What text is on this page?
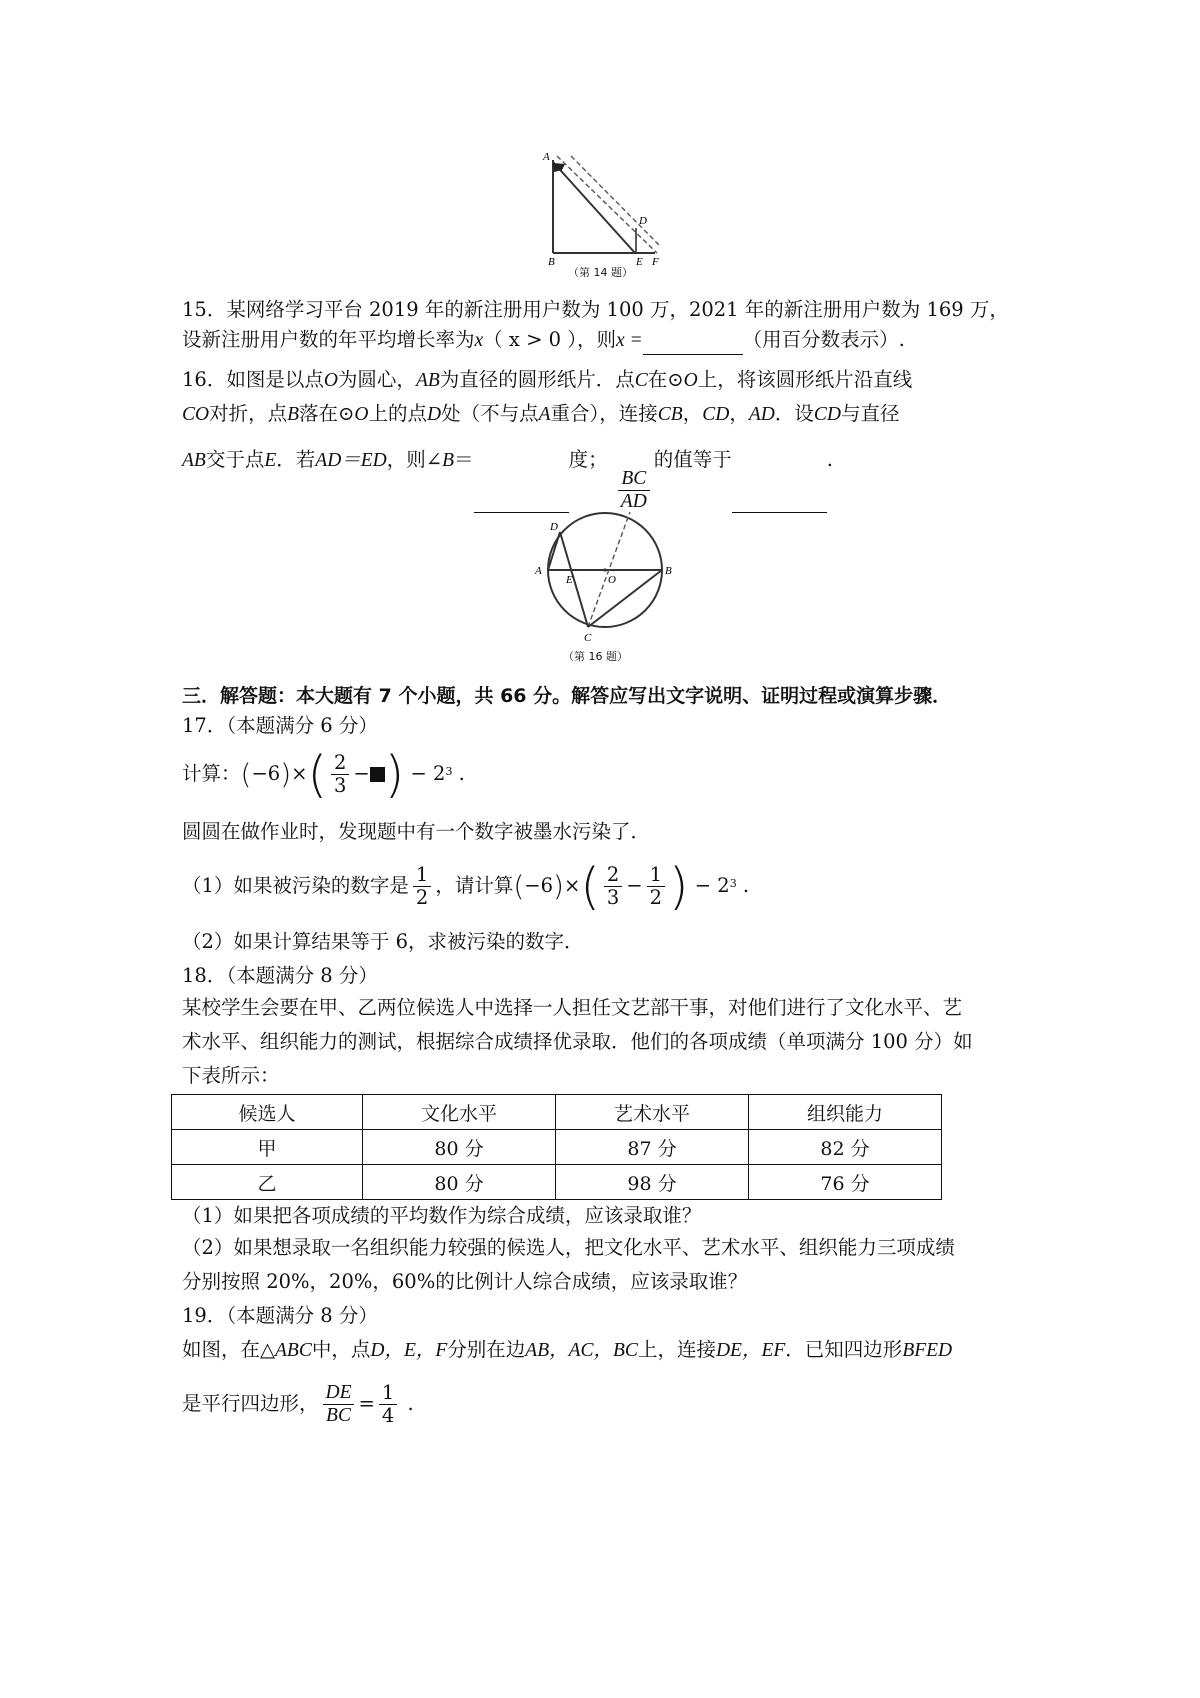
A
B
D
E F
（第 14 题）
15．某网络学习平台 2019 年的新注册用户数为 100 万，2021 年的新注册用户数为 169 万，
设新注册用户数的年平均增长率为x（ x > 0 ），则x =	（用百分数表示）.
16．如图是以点O为圆心，AB为直径的圆形纸片．点C在⊙O上，将该圆形纸片沿直线
CO对折，点B落在⊙O上的点D处（不与点A重合），连接CB，CD，AD．设CD与直径
AB交于点E．若AD＝ED，则∠B＝	度；
$\frac{BC}{AD}$
的值等于	.
D
A
E	O
B
C
（第 16 题）
三．解答题：本大题有 7 个小题，共 66 分。解答应写出文字说明、证明过程或演算步骤．
17．（本题满分 6 分）
计算：$(-6)\times( \frac{2}{3}$ − ) − $2^3$ .
圆圆在做作业时，发现题中有一个数字被墨水污染了．
（1）如果被污染的数字是 $\frac{1}{2}$ ，请计算$(-6)\times( \frac{2}{3} - \frac{1}{2}$ ) − $2^3$ .
（2）如果计算结果等于 6，求被污染的数字．
18．（本题满分 8 分）
某校学生会要在甲、乙两位候选人中选择一人担任文艺部干事，对他们进行了文化水平、艺
术水平、组织能力的测试，根据综合成绩择优录取．他们的各项成绩（单项满分 100 分）如
下表所示：
候选人	文化水平	艺术水平	组织能力
甲	80 分	87 分	82 分
乙	80 分	98 分	76 分
（1）如果把各项成绩的平均数作为综合成绩，应该录取谁？
（2）如果想录取一名组织能力较强的候选人，把文化水平、艺术水平、组织能力三项成绩
分别按照 20%，20%，60%的比例计人综合成绩，应该录取谁？
19．（本题满分 8 分）
如图，在△ABC中，点D，E，F分别在边AB，AC，BC上，连接DE，EF．已知四边形BFED
是平行四边形， $\frac{DE}{BC} = \frac{1}{4}$ .
